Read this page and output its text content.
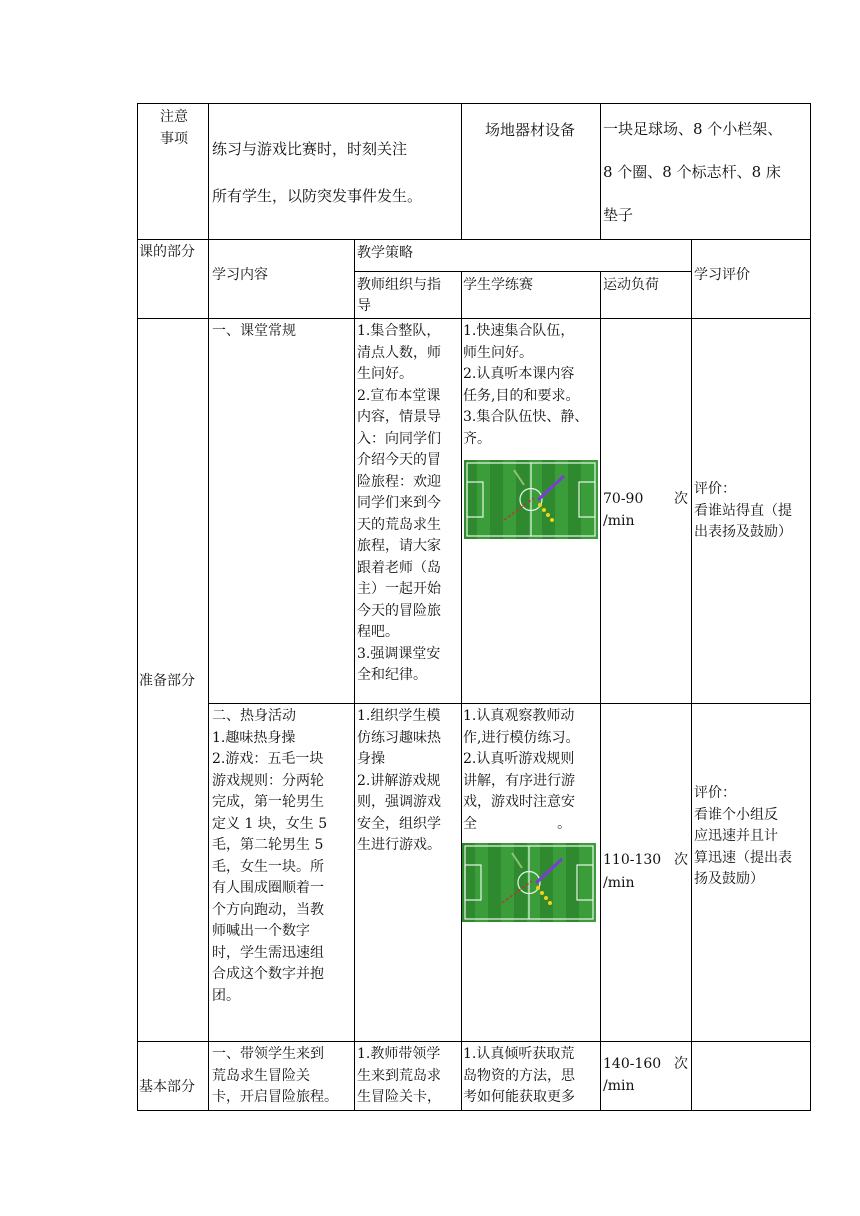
注意
事项
练习与游戏比赛时，时刻关注
所有学生，以防突发事件发生。
场地器材设备 一块足球场、8 个小栏架、
8 个圈、8 个标志杆、8 床
垫子
课的部分
学习内容
教学策略
教师组织与指
导
学生学练赛	运动负荷
学习评价
准备部分
一、课堂常规	1.集合整队，
清点人数，师
生问好。
2.宣布本堂课
内容，情景导
入：向同学们
介绍今天的冒
险旅程：欢迎
同学们来到今
天的荒岛求生
旅程，请大家
跟着老师（岛
主）一起开始
今天的冒险旅
程吧。
3.强调课堂安
全和纪律。
1.快速集合队伍，
师生问好。
2.认真听本课内容
任务,目的和要求。
3.集合队伍快、静、
齐。
70-90 次
/min
评价：
看谁站得直（提
出表扬及鼓励）
二、热身活动
1.趣味热身操
2.游戏：五毛一块
游戏规则：分两轮
完成，第一轮男生
定义 1 块，女生 5
毛，第二轮男生 5
毛，女生一块。所
有人围成圈顺着一
个方向跑动，当教
师喊出一个数字
时，学生需迅速组
合成这个数字并抱
团。
1.组织学生模
仿练习趣味热
身操
2.讲解游戏规
则，强调游戏
安全，组织学
生进行游戏。
1.认真观察教师动
作,进行模仿练习。
2.认真听游戏规则
讲解，有序进行游
戏，游戏时注意安
全                  。
110-130 次
/min
评价：
看谁个小组反
应迅速并且计
算迅速（提出表
扬及鼓励）
基本部分
一、带领学生来到
荒岛求生冒险关
卡，开启冒险旅程。
1.教师带领学
生来到荒岛求
生冒险关卡，
1.认真倾听获取荒
岛物资的方法，思
考如何能获取更多
140-160 次
/min
